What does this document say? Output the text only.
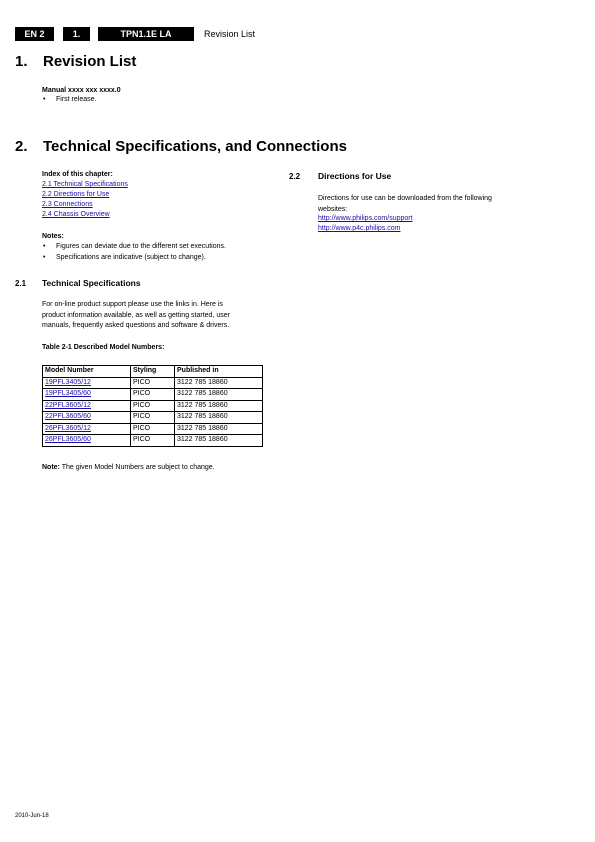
EN 2	1.	TPN1.1E LA	Revision List
1. Revision List
Manual xxxx xxx xxxx.0
• First release.
2. Technical Specifications, and Connections
Index of this chapter:
2.1 Technical Specifications
2.2 Directions for Use
2.3 Connections
2.4 Chassis Overview
Notes:
• Figures can deviate due to the different set executions.
• Specifications are indicative (subject to change).
2.1 Technical Specifications
For on-line product support please use the links in. Here is
product information available, as well as getting started, user
manuals, frequently asked questions and software & drivers.
Table 2-1 Described Model Numbers:
Model Number	Styling	Published in
19PFL3405/12	PICO	3122 785 18860
19PFL3405/60	PICO	3122 785 18860
22PFL3605/12	PICO	3122 785 18860
22PFL3605/60	PICO	3122 785 18860
26PFL3605/12	PICO	3122 785 18860
26PFL3605/60	PICO	3122 785 18860
Note: The given Model Numbers are subject to change.
2.2 Directions for Use
Directions for use can be downloaded from the following
websites:
http://www.philips.com/support
http://www.p4c.philips.com
2010-Jun-18
